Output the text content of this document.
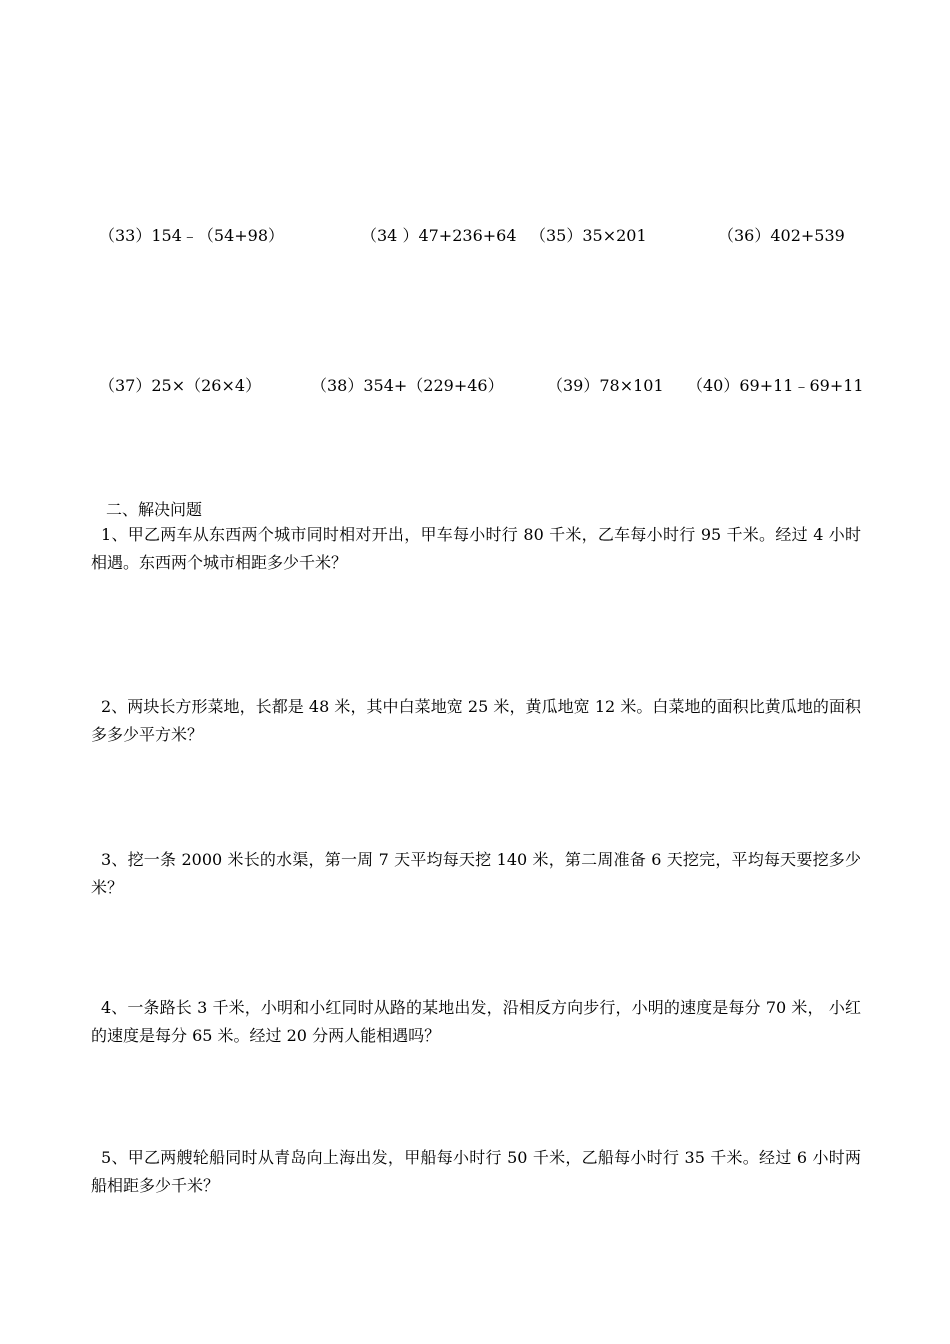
（33）154﹣（54+98）	（34 ）47+236+64 （35）35×201	（36）402+539
（37）25×（26×4）	（38）354+（229+46）	（39）78×101 （40）69+11﹣69+11
二、解决问题
1、甲乙两车从东西两个城市同时相对开出，甲车每小时行 80 千米，乙车每小时行 95 千米。经过 4 小时相遇。东西两个城市相距多少千米？
2、两块长方形菜地，长都是 48 米，其中白菜地宽 25 米，黄瓜地宽 12 米。白菜地的面积比黄瓜地的面积多多少平方米？
3、挖一条 2000 米长的水渠，第一周 7 天平均每天挖 140 米，第二周准备 6 天挖完，平均每天要挖多少米？
4、一条路长 3 千米，小明和小红同时从路的某地出发，沿相反方向步行，小明的速度是每分 70 米， 小红的速度是每分 65 米。经过 20 分两人能相遇吗？
5、甲乙两艘轮船同时从青岛向上海出发，甲船每小时行 50 千米，乙船每小时行 35 千米。经过 6 小时两船相距多少千米？
